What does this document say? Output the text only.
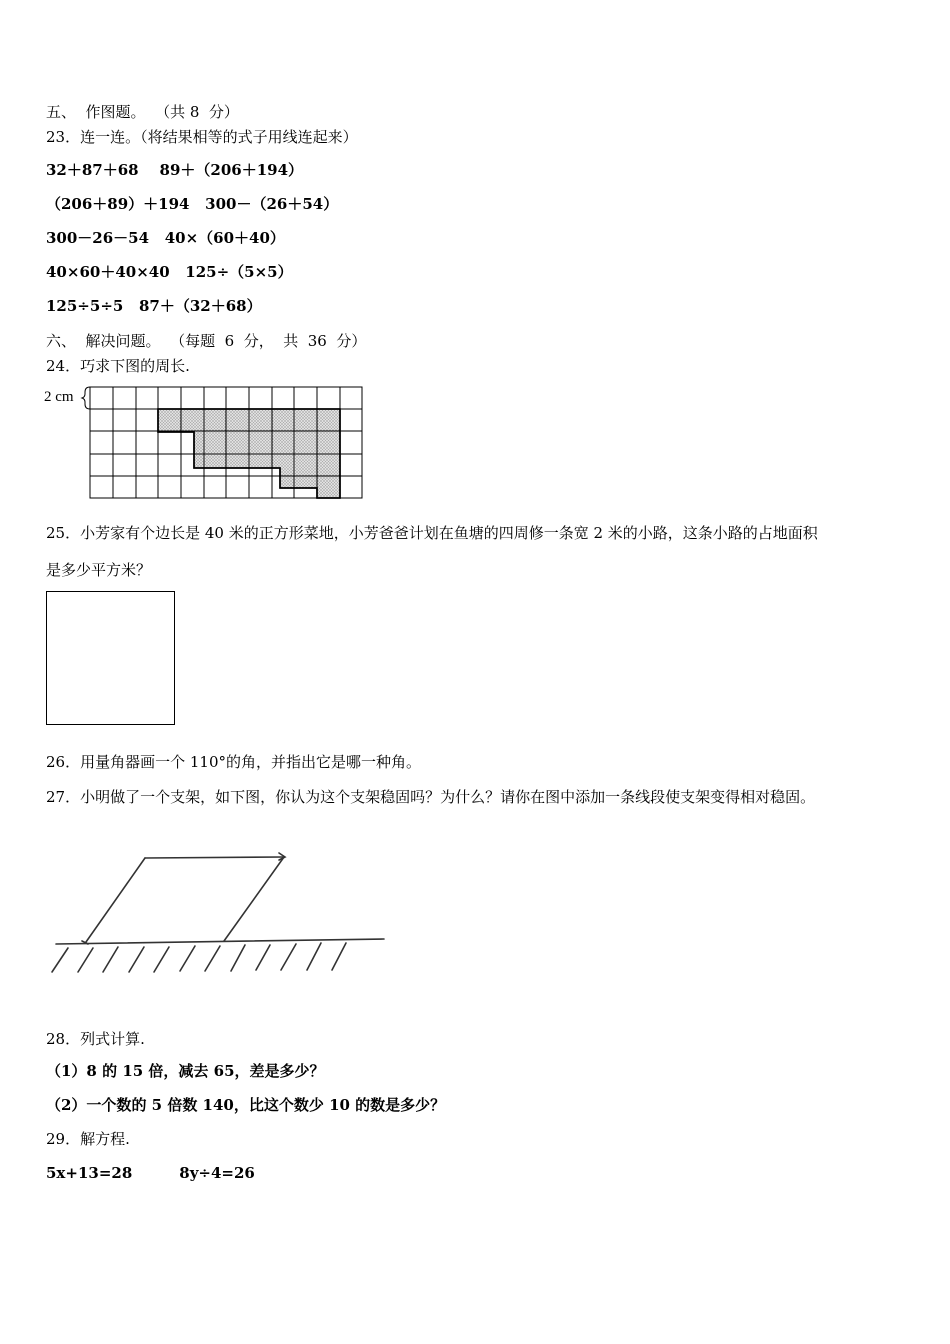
五、  作图题。  （共 8  分）
23．连一连。（将结果相等的式子用线连起来）
32＋87＋68    89＋（206＋194）
（206＋89）＋194   300－（26＋54）
300－26－54   40×（60＋40）
40×60＋40×40   125÷（5×5）
125÷5÷5   87＋（32＋68）
六、  解决问题。  （每题  6  分，  共  36  分）
24．巧求下图的周长.
2 cm
25．小芳家有个边长是 40 米的正方形菜地，小芳爸爸计划在鱼塘的四周修一条宽 2 米的小路，这条小路的占地面积
是多少平方米？
26．用量角器画一个 110°的角，并指出它是哪一种角。
27．小明做了一个支架，如下图，你认为这个支架稳固吗？为什么？请你在图中添加一条线段使支架变得相对稳固。
28．列式计算.
（1）8 的 15 倍，减去 65，差是多少？
（2）一个数的 5 倍数 140，比这个数少 10 的数是多少？
29．解方程.
5x+13=28         8y÷4=26
